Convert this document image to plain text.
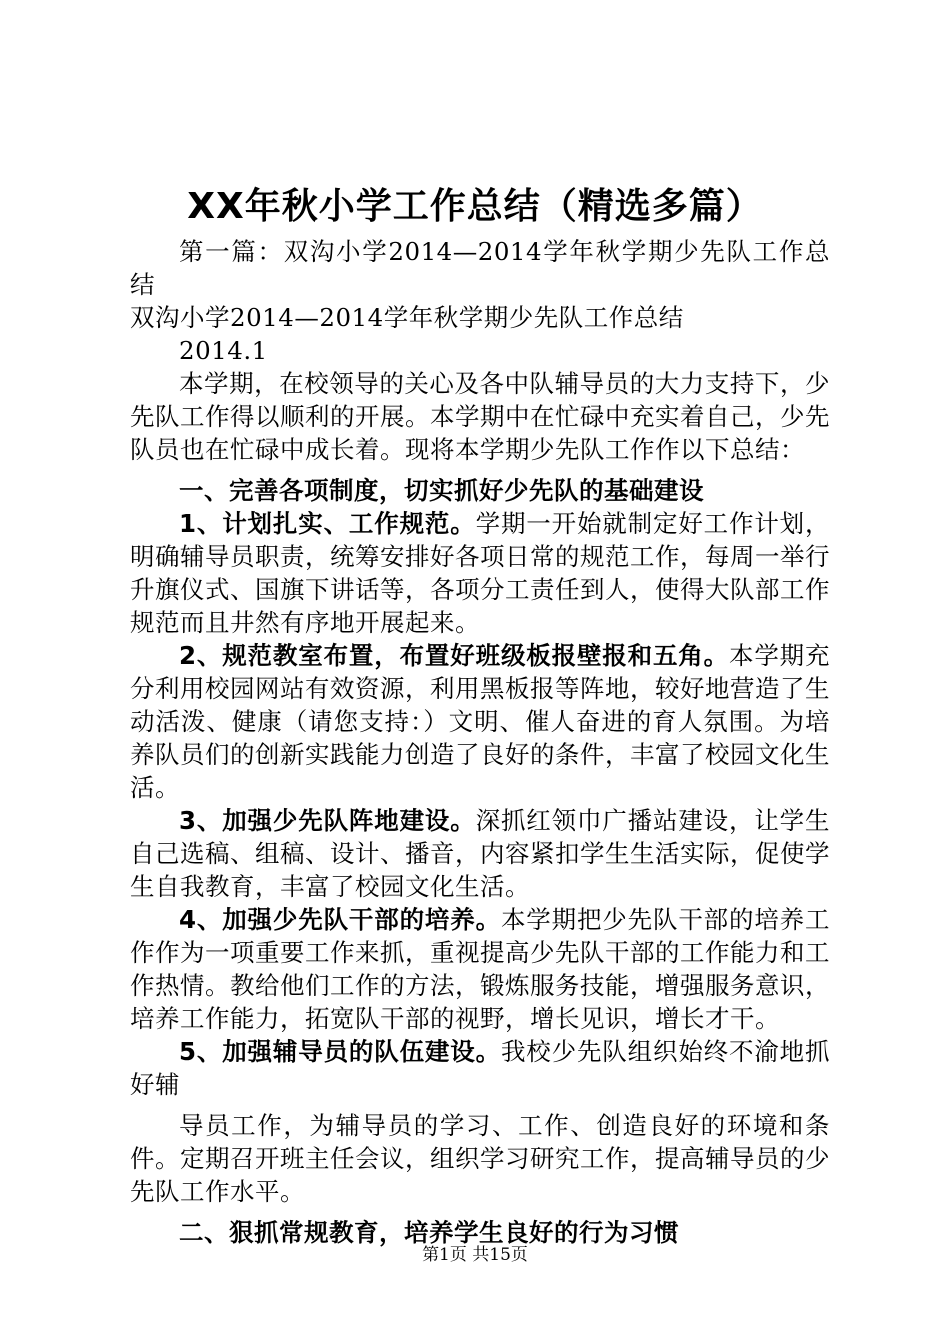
XX年秋小学工作总结（精选多篇）

第一篇：双沟小学2014—2014学年秋学期少先队工作总结

双沟小学2014—2014学年秋学期少先队工作总结

2014.1

本学期，在校领导的关心及各中队辅导员的大力支持下，少先队工作得以顺利的开展。本学期中在忙碌中充实着自己，少先队员也在忙碌中成长着。现将本学期少先队工作作以下总结：

一、完善各项制度，切实抓好少先队的基础建设

1、计划扎实、工作规范。学期一开始就制定好工作计划，明确辅导员职责，统筹安排好各项日常的规范工作，每周一举行升旗仪式、国旗下讲话等，各项分工责任到人，使得大队部工作规范而且井然有序地开展起来。

2、规范教室布置，布置好班级板报壁报和五角。本学期充分利用校园网站有效资源，利用黑板报等阵地，较好地营造了生动活泼、健康（请您支持：）文明、催人奋进的育人氛围。为培养队员们的创新实践能力创造了良好的条件，丰富了校园文化生活。

3、加强少先队阵地建设。深抓红领巾广播站建设，让学生自己选稿、组稿、设计、播音，内容紧扣学生生活实际，促使学生自我教育，丰富了校园文化生活。

4、加强少先队干部的培养。本学期把少先队干部的培养工作作为一项重要工作来抓，重视提高少先队干部的工作能力和工作热情。教给他们工作的方法，锻炼服务技能，增强服务意识，培养工作能力，拓宽队干部的视野，增长见识，增长才干。

5、加强辅导员的队伍建设。我校少先队组织始终不渝地抓好辅

导员工作，为辅导员的学习、工作、创造良好的环境和条件。定期召开班主任会议，组织学习研究工作，提高辅导员的少先队工作水平。

二、狠抓常规教育，培养学生良好的行为习惯

第1页 共15页
